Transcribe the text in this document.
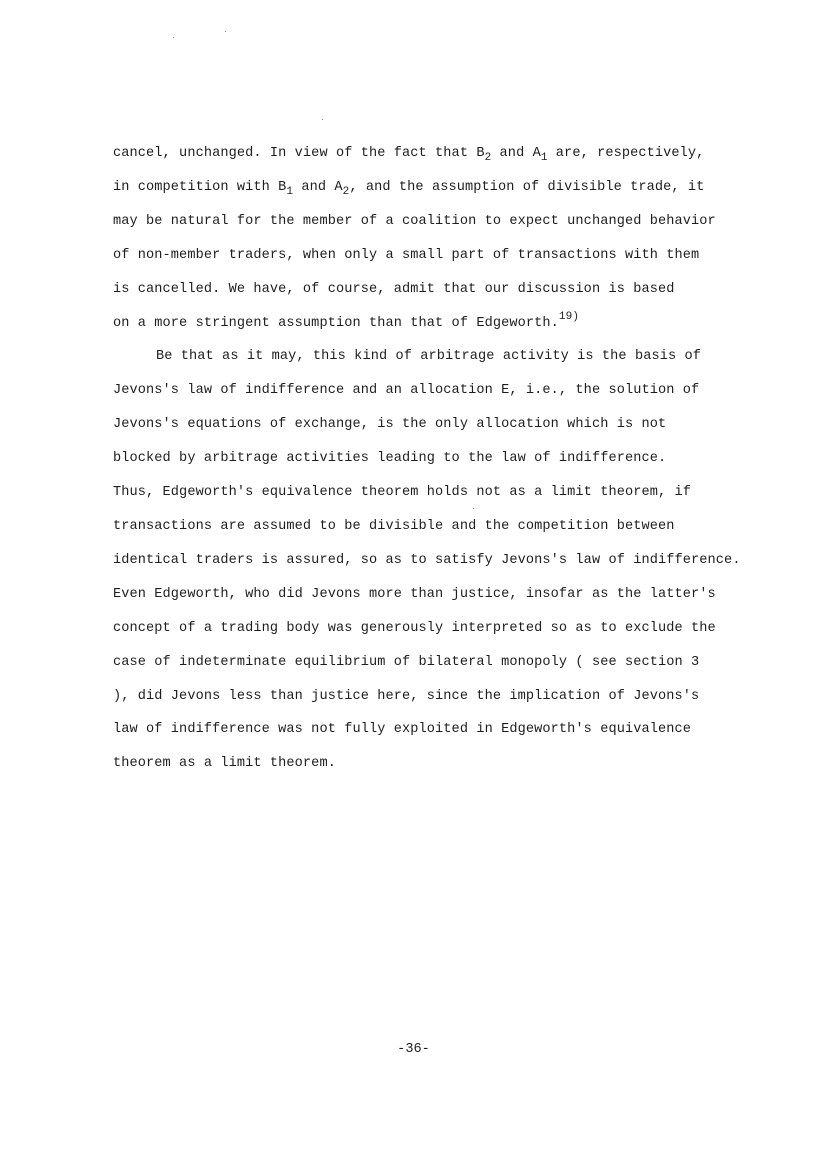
cancel, unchanged. In view of the fact that $B_2$ and $A_1$ are, respectively,
in competition with $B_1$ and $A_2$, and the assumption of divisible trade, it
may be natural for the member of a coalition to expect unchanged behavior
of non-member traders, when only a small part of transactions with them
is cancelled. We have, of course, admit that our discussion is based
on a more stringent assumption than that of Edgeworth.$^{19)}$
Be that as it may, this kind of arbitrage activity is the basis of
Jevons's law of indifference and an allocation E, i.e., the solution of
Jevons's equations of exchange, is the only allocation which is not
blocked by arbitrage activities leading to the law of indifference.
Thus, Edgeworth's equivalence theorem holds not as a limit theorem, if
transactions are assumed to be divisible and the competition between
identical traders is assured, so as to satisfy Jevons's law of indifference.
Even Edgeworth, who did Jevons more than justice, insofar as the latter's
concept of a trading body was generously interpreted so as to exclude the
case of indeterminate equilibrium of bilateral monopoly ( see section 3
), did Jevons less than justice here, since the implication of Jevons's
law of indifference was not fully exploited in Edgeworth's equivalence
theorem as a limit theorem.
-36-
